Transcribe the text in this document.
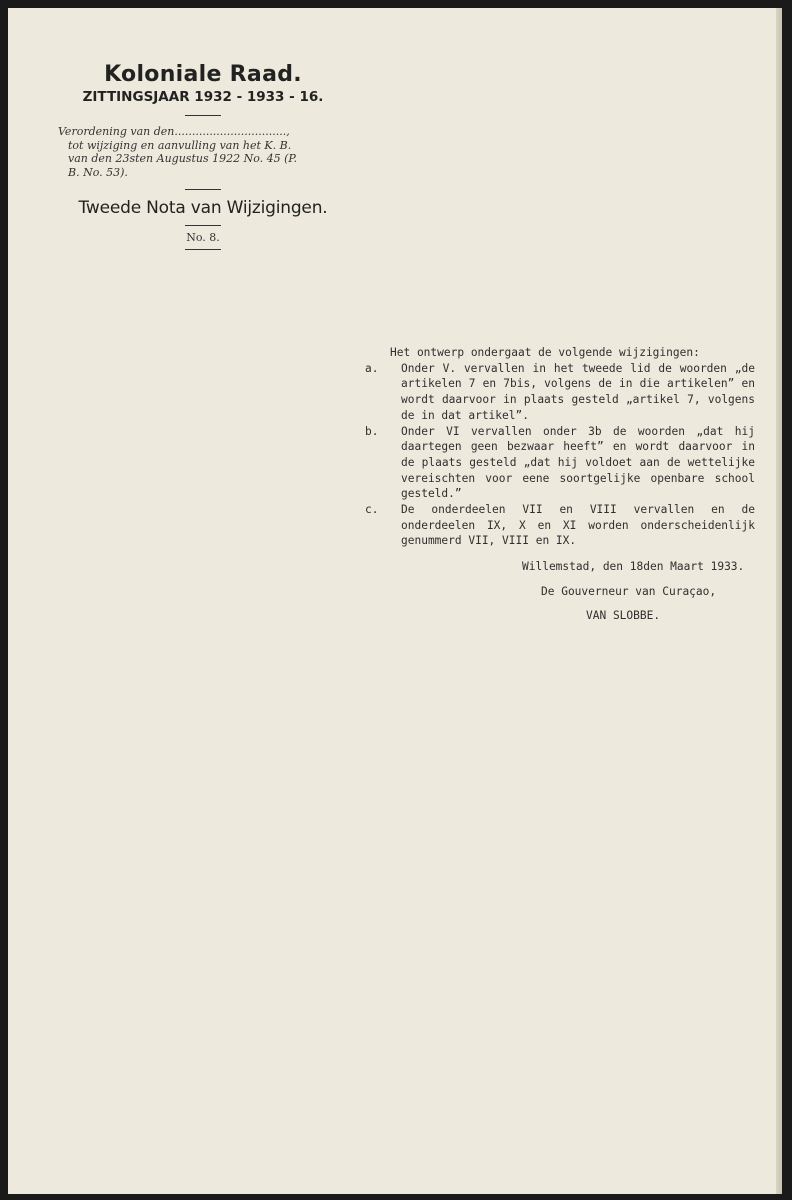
Koloniale Raad.
ZITTINGSJAAR 1932 - 1933 - 16.
Verordening van den................................,
tot wijziging en aanvulling van het K. B.
van den 23sten Augustus 1922 No. 45 (P.
B. No. 53).
Tweede Nota van Wijzigingen.
No. 8.
Het ontwerp ondergaat de volgende wijzigingen:
a. Onder V. vervallen in het tweede lid de woorden „de artikelen 7 en 7bis, volgens de in die artikelen” en wordt daarvoor in plaats gesteld „artikel 7, volgens de in dat artikel”.
b. Onder VI vervallen onder 3b de woorden „dat hij daartegen geen bezwaar heeft” en wordt daarvoor in de plaats gesteld „dat hij voldoet aan de wettelijke vereischten voor eene soortgelijke openbare school gesteld.”
c. De onderdeelen VII en VIII vervallen en de onderdeelen IX, X en XI worden onderscheidenlijk genummerd VII, VIII en IX.
Willemstad, den 18den Maart 1933.
De Gouverneur van Curaçao,
VAN SLOBBE.
